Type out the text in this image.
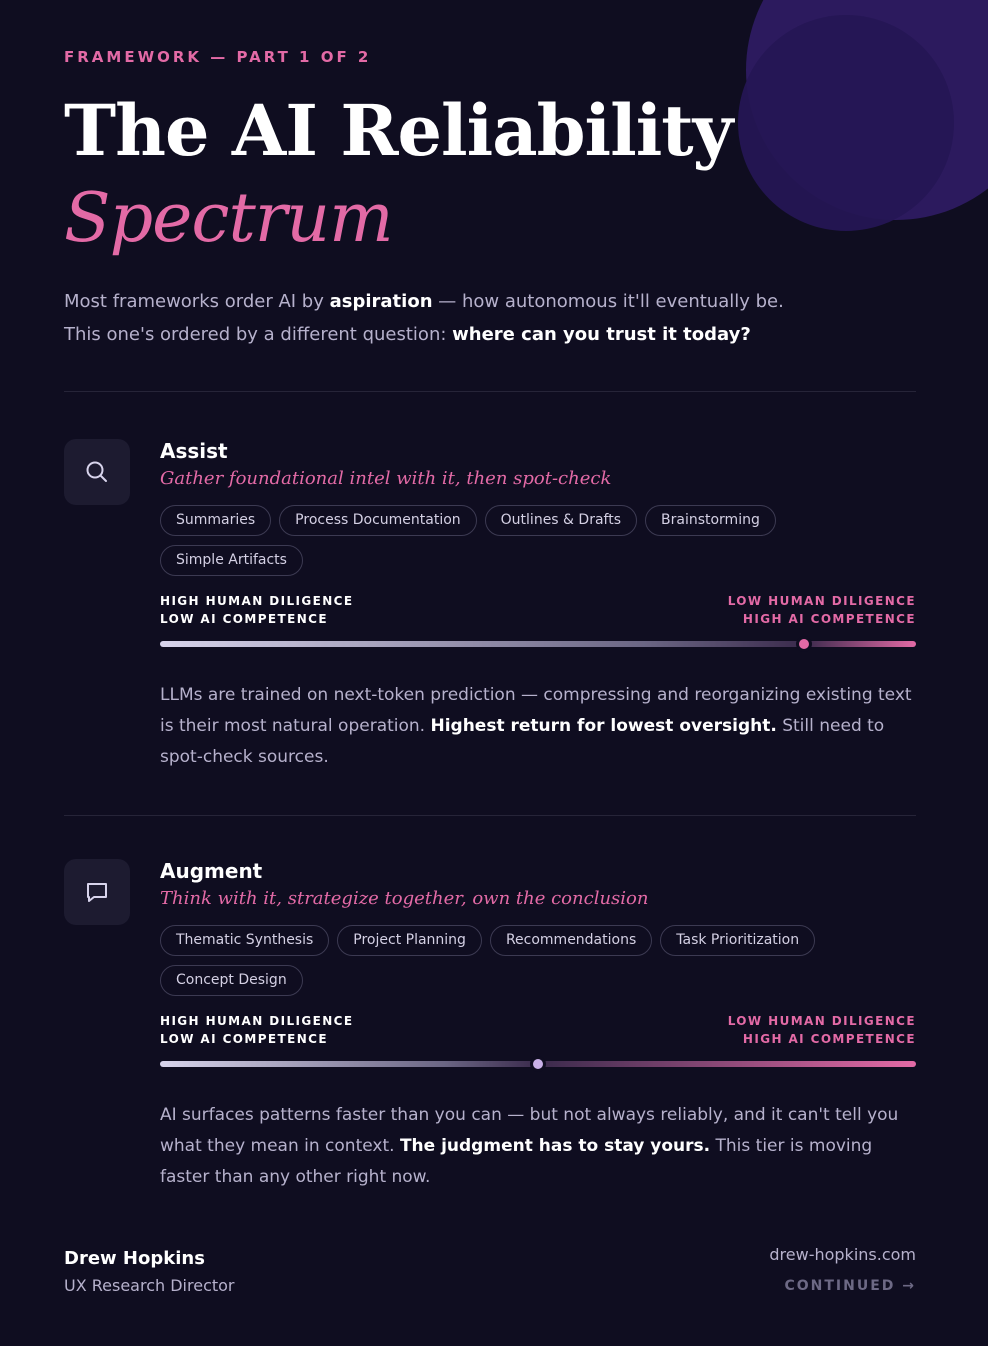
FRAMEWORK — PART 1 OF 2
The AI Reliability
Spectrum

Most frameworks order AI by aspiration — how autonomous it'll eventually be. This one's ordered by a different question: where can you trust it today?

Assist
Gather foundational intel with it, then spot-check
Summaries	Process Documentation	Outlines & Drafts	Brainstorming
Simple Artifacts
HIGH HUMAN DILIGENCE
LOW AI COMPETENCE
LOW HUMAN DILIGENCE
HIGH AI COMPETENCE

LLMs are trained on next-token prediction — compressing and reorganizing existing text is their most natural operation. Highest return for lowest oversight. Still need to spot-check sources.

Augment
Think with it, strategize together, own the conclusion
Thematic Synthesis	Project Planning	Recommendations	Task Prioritization
Concept Design
HIGH HUMAN DILIGENCE
LOW AI COMPETENCE
LOW HUMAN DILIGENCE
HIGH AI COMPETENCE

AI surfaces patterns faster than you can — but not always reliably, and it can't tell you what they mean in context. The judgment has to stay yours. This tier is moving faster than any other right now.

Drew Hopkins
UX Research Director
drew-hopkins.com
CONTINUED →
